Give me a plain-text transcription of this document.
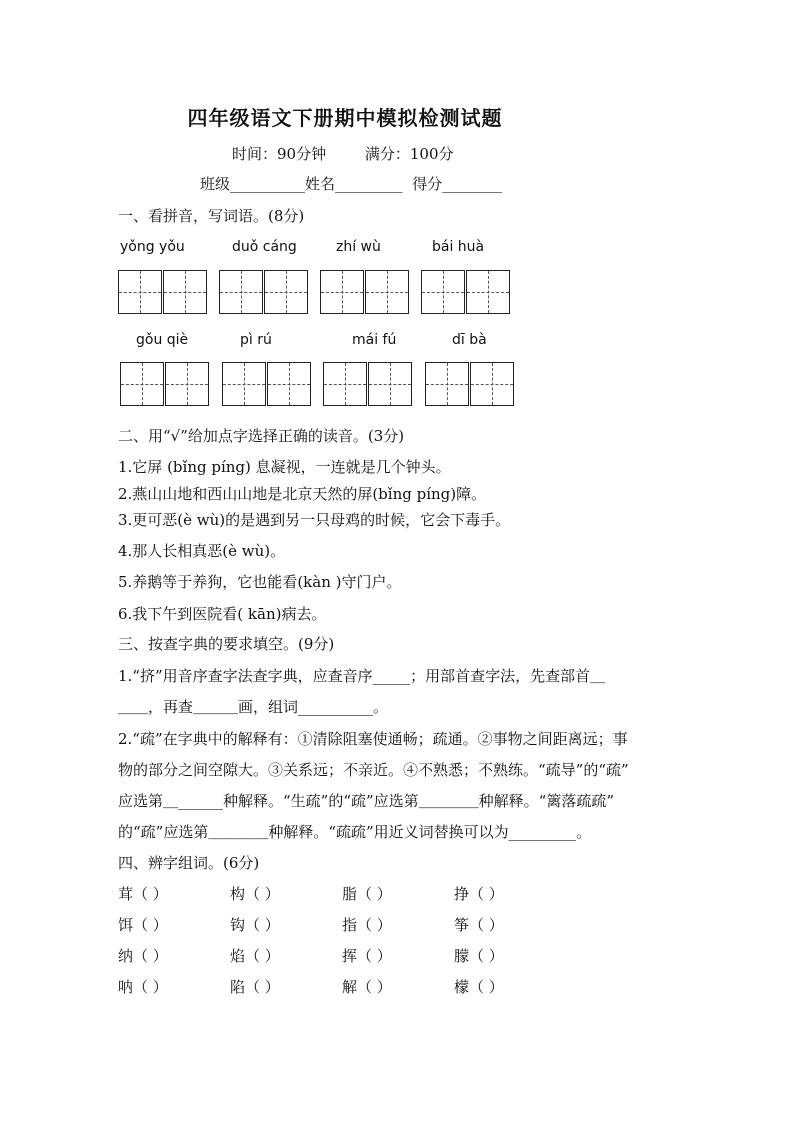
四年级语文下册期中模拟检测试题
时间：90分钟	满分：100分
班级__________姓名_________ 得分________
一、看拼音，写词语。(8分)
yǒng yǒu	duǒ cáng	zhí wù	bái huà
gǒu qiè	pì rú	mái fú	dī bà
二、用“√”给加点字选择正确的读音。(3分)
1.它屏 (bǐng píng) 息凝视，一连就是几个钟头。
2.燕山山地和西山山地是北京天然的屏(bǐng píng)障。
3.更可恶(è wù)的是遇到另一只母鸡的时候，它会下毒手。
4.那人长相真恶(è wù)。
5.养鹅等于养狗，它也能看(kàn )守门户。
6.我下午到医院看( kān)病去。
三、按查字典的要求填空。(9分)
1.“挤”用音序查字法查字典，应查音序_____；用部首查字法，先查部首＿
＿＿，再查＿＿＿画，组词__________。
2.“疏”在字典中的解释有：①清除阻塞使通畅；疏通。②事物之间距离远；事
物的部分之间空隙大。③关系远；不亲近。④不熟悉；不熟练。“疏导”的“疏”
应选第＿______种解释。“生疏”的“疏”应选第＿＿＿＿种解释。“篱落疏疏”
的“疏”应选第＿＿＿＿种解释。“疏疏”用近义词替换可以为_________。
四、辨字组词。(6分)
茸（ ）	构（ ）	脂（ ）	挣（ ）
饵（ ）	钩（ ）	指（ ）	筝（ ）
纳（ ）	焰（ ）	挥（ ）	朦（ ）
呐（ ）	陷（ ）	解（ ）	檬（ ）
